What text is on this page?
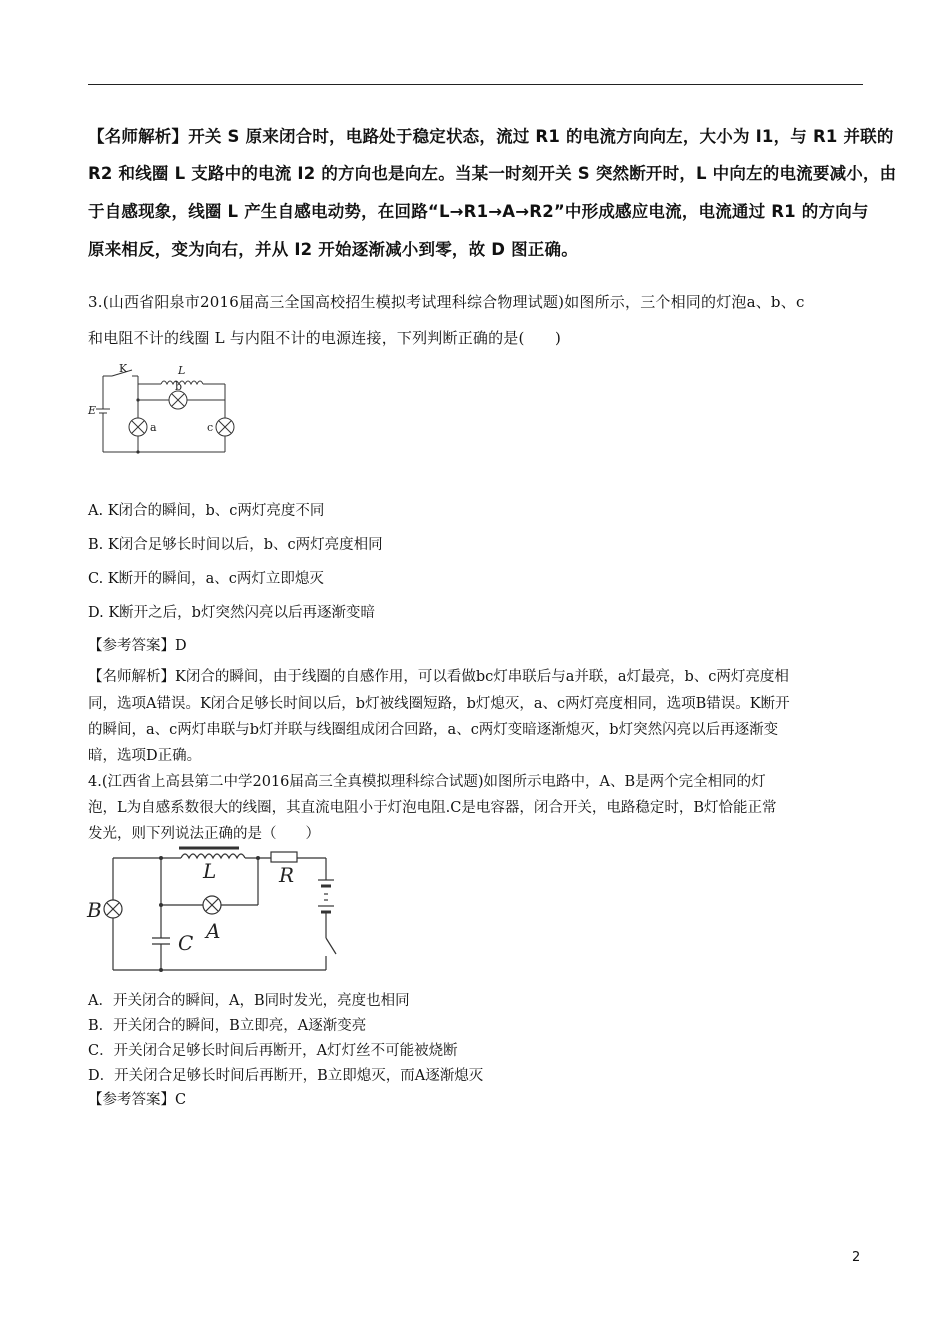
【名师解析】开关 S 原来闭合时，电路处于稳定状态，流过 R1 的电流方向向左，大小为 I1，与 R1 并联的
R2 和线圈 L 支路中的电流 I2 的方向也是向左。当某一时刻开关 S 突然断开时，L 中向左的电流要减小，由
于自感现象，线圈 L 产生自感电动势，在回路“L→R1→A→R2”中形成感应电流，电流通过 R1 的方向与
原来相反，变为向右，并从 I2 开始逐渐减小到零，故 D 图正确。
3.(山西省阳泉市2016届高三全国高校招生模拟考试理科综合物理试题)如图所示，三个相同的灯泡a、b、c
和电阻不计的线圈 L 与内阻不计的电源连接，下列判断正确的是(　　)
K	L
b
E
a	c
A. K闭合的瞬间，b、c两灯亮度不同
B. K闭合足够长时间以后，b、c两灯亮度相同
C. K断开的瞬间，a、c两灯立即熄灭
D. K断开之后，b灯突然闪亮以后再逐渐变暗
【参考答案】D
【名师解析】K闭合的瞬间，由于线圈的自感作用，可以看做bc灯串联后与a并联，a灯最亮，b、c两灯亮度相
同，选项A错误。K闭合足够长时间以后，b灯被线圈短路，b灯熄灭，a、c两灯亮度相同，选项B错误。K断开
的瞬间，a、c两灯串联与b灯并联与线圈组成闭合回路，a、c两灯变暗逐渐熄灭，b灯突然闪亮以后再逐渐变
暗，选项D正确。
4.(江西省上高县第二中学2016届高三全真模拟理科综合试题)如图所示电路中，A、B是两个完全相同的灯
泡，L为自感系数很大的线圈，其直流电阻小于灯泡电阻.C是电容器，闭合开关，电路稳定时，B灯恰能正常
发光，则下列说法正确的是（　　）
L	R
B
C A
A．开关闭合的瞬间，A，B同时发光，亮度也相同
B．开关闭合的瞬间，B立即亮，A逐渐变亮
C．开关闭合足够长时间后再断开，A灯灯丝不可能被烧断
D．开关闭合足够长时间后再断开，B立即熄灭，而A逐渐熄灭
【参考答案】C
2
